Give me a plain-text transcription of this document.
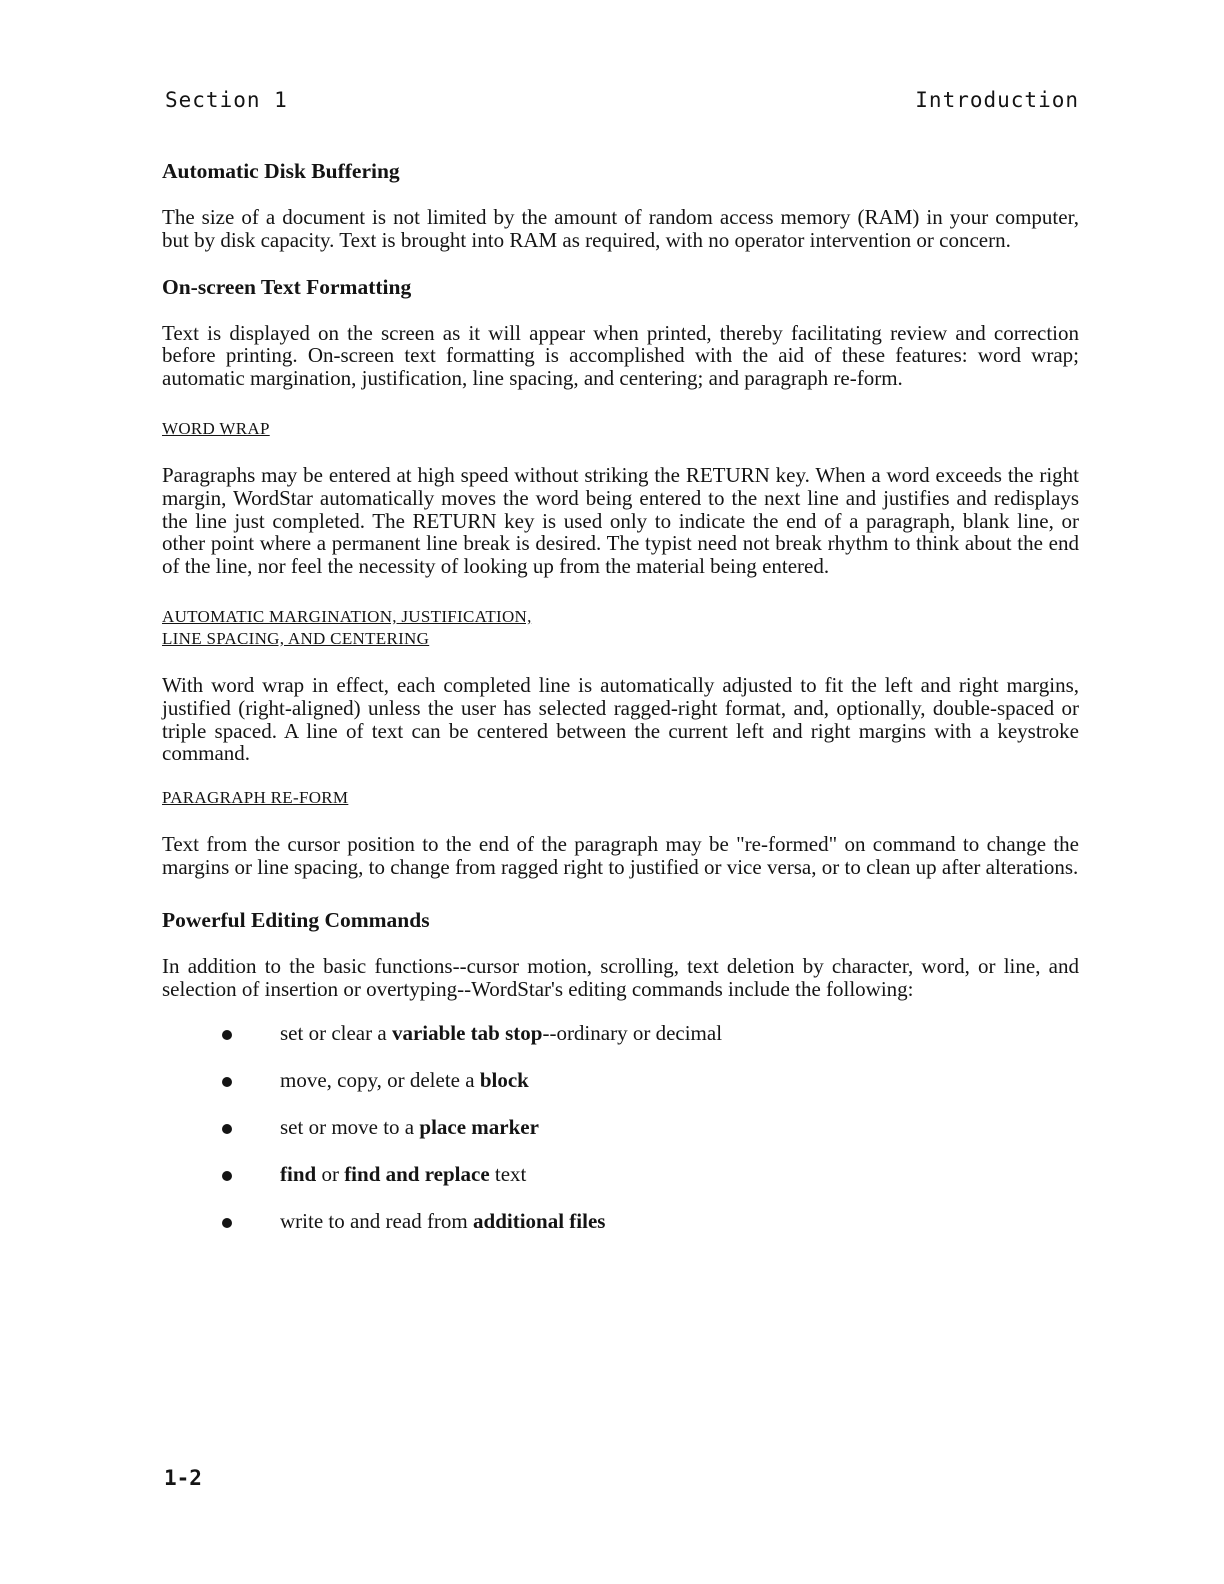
Section 1	Introduction
Automatic Disk Buffering

The size of a document is not limited by the amount of random access memory (RAM) in your computer, but by disk capacity. Text is brought into RAM as required, with no operator intervention or concern.

On-screen Text Formatting

Text is displayed on the screen as it will appear when printed, thereby facilitating review and correction before printing. On-screen text formatting is accomplished with the aid of these features: word wrap; automatic margination, justification, line spacing, and centering; and paragraph re-form.

WORD WRAP

Paragraphs may be entered at high speed without striking the RETURN key. When a word exceeds the right margin, WordStar automatically moves the word being entered to the next line and justifies and redisplays the line just completed. The RETURN key is used only to indicate the end of a paragraph, blank line, or other point where a permanent line break is desired. The typist need not break rhythm to think about the end of the line, nor feel the necessity of looking up from the material being entered.

AUTOMATIC MARGINATION, JUSTIFICATION,
LINE SPACING, AND CENTERING

With word wrap in effect, each completed line is automatically adjusted to fit the left and right margins, justified (right-aligned) unless the user has selected ragged-right format, and, optionally, double-spaced or triple spaced. A line of text can be centered between the current left and right margins with a keystroke command.

PARAGRAPH RE-FORM

Text from the cursor position to the end of the paragraph may be "re-formed" on command to change the margins or line spacing, to change from ragged right to justified or vice versa, or to clean up after alterations.

Powerful Editing Commands

In addition to the basic functions--cursor motion, scrolling, text deletion by character, word, or line, and selection of insertion or overtyping--WordStar's editing commands include the following:

set or clear a variable tab stop--ordinary or decimal
move, copy, or delete a block
set or move to a place marker
find or find and replace text
write to and read from additional files
1-2
